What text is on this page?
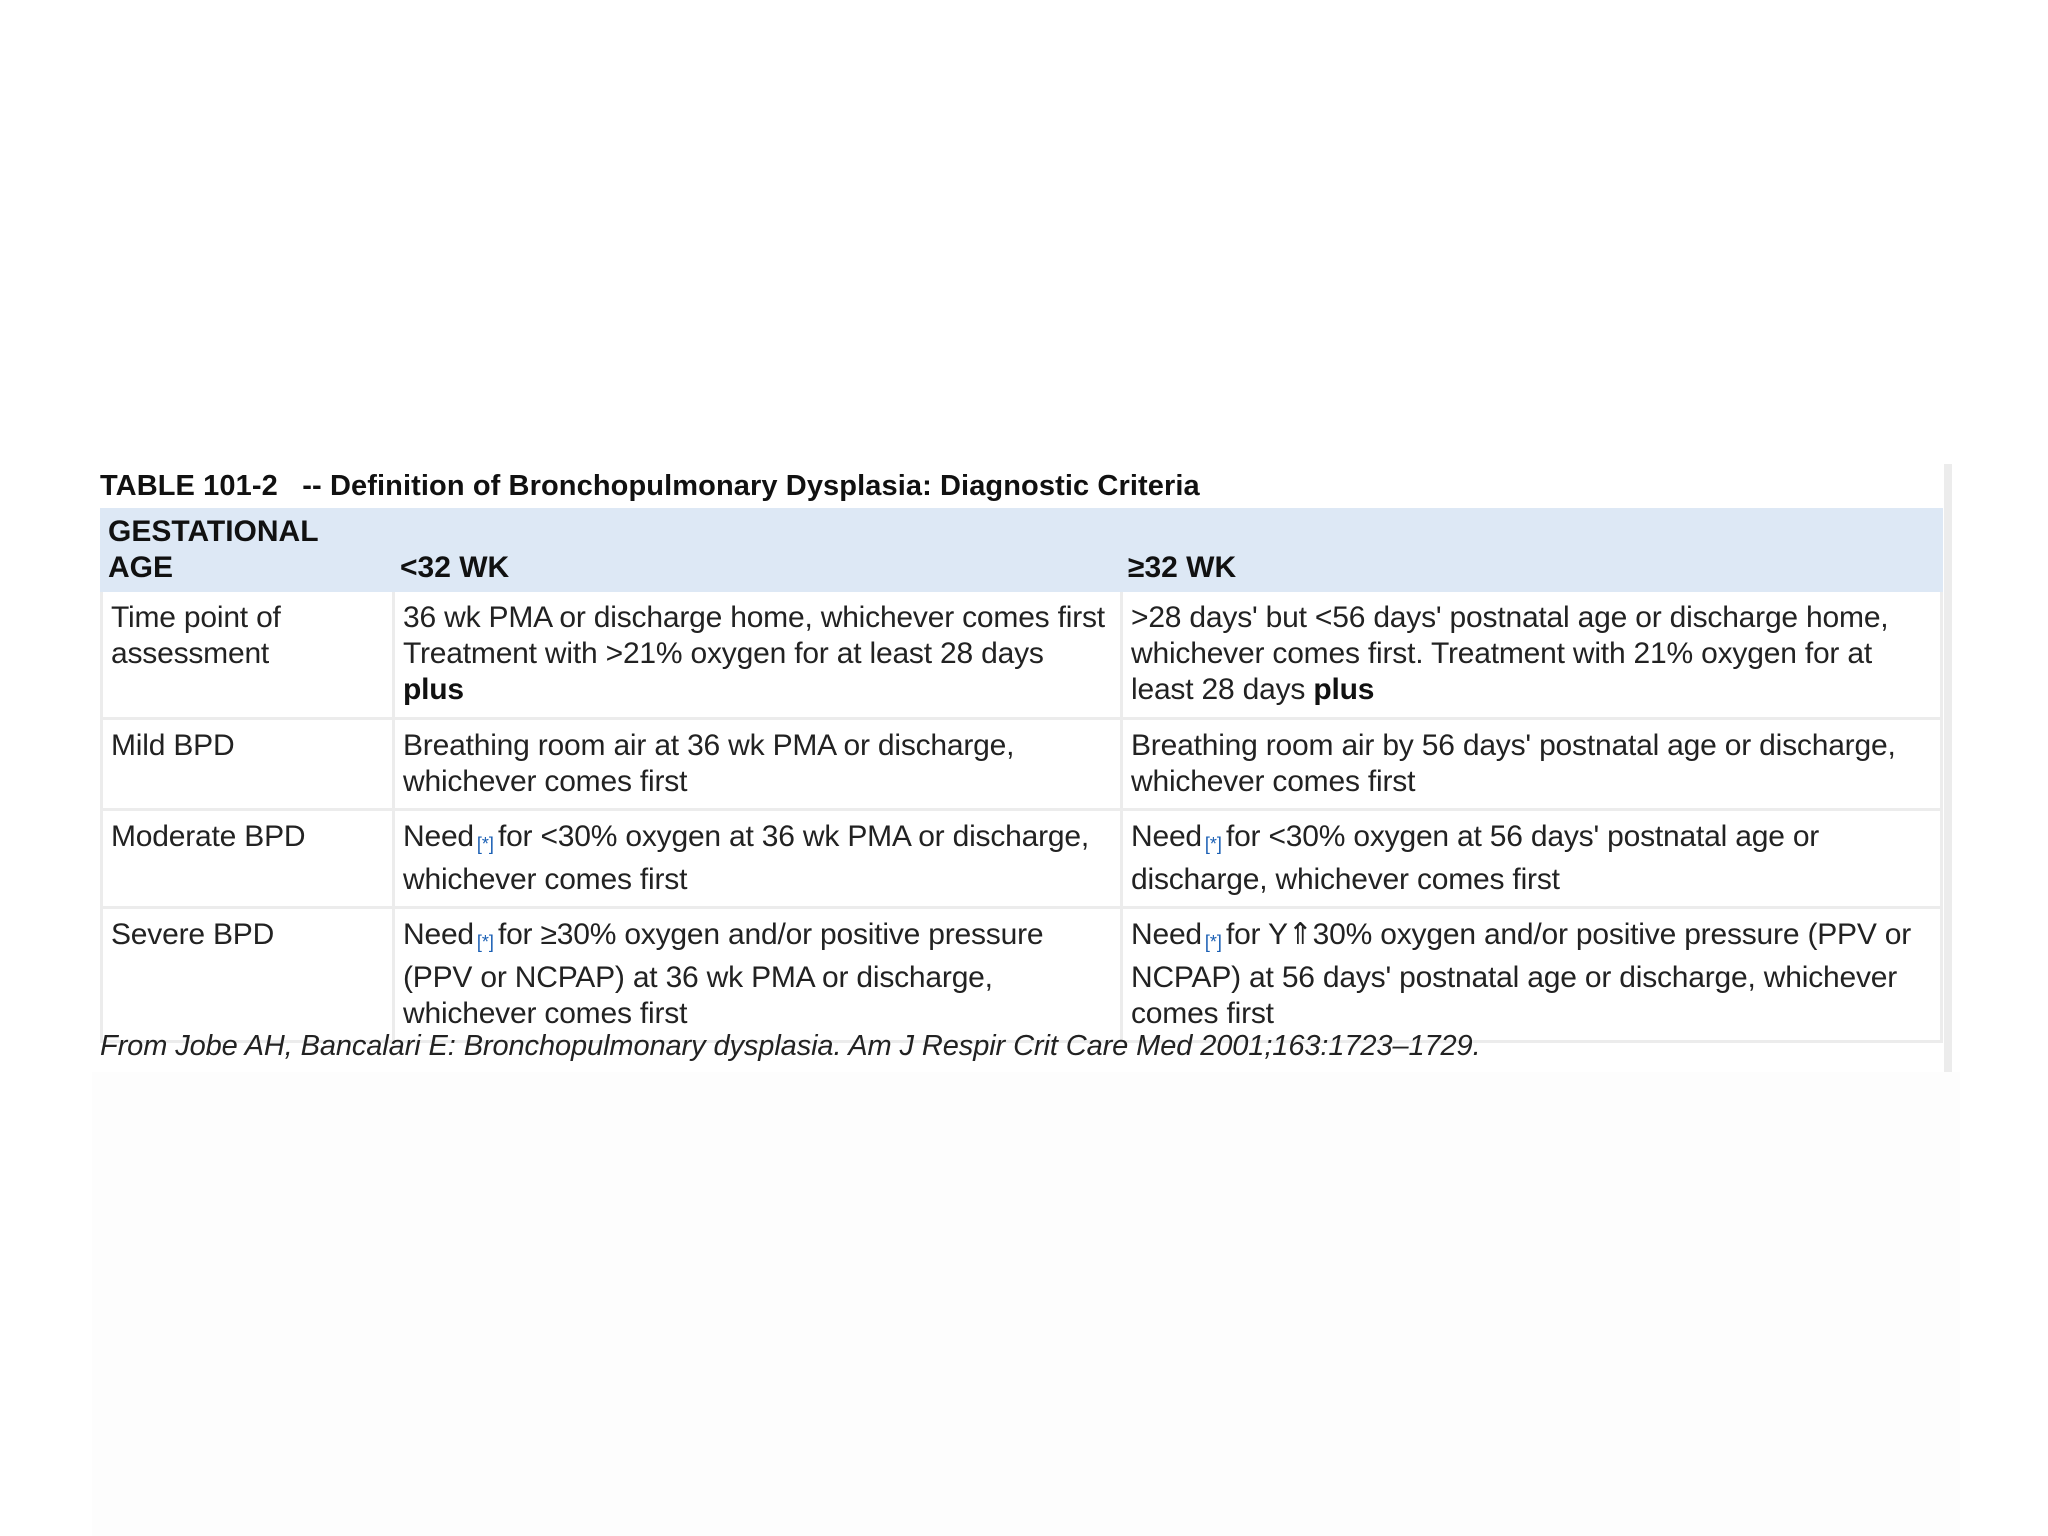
TABLE 101-2   -- Definition of Bronchopulmonary Dysplasia: Diagnostic Criteria
GESTATIONAL
AGE	<32 WK	≥32 WK
Time point of assessment	36 wk PMA or discharge home, whichever comes first Treatment with >21% oxygen for at least 28 days plus	>28 days' but <56 days' postnatal age or discharge home, whichever comes first. Treatment with 21% oxygen for at least 28 days plus
Mild BPD	Breathing room air at 36 wk PMA or discharge, whichever comes first	Breathing room air by 56 days' postnatal age or discharge, whichever comes first
Moderate BPD	Need [*] for <30% oxygen at 36 wk PMA or discharge, whichever comes first	Need [*] for <30% oxygen at 56 days' postnatal age or discharge, whichever comes first
Severe BPD	Need [*] for ≥30% oxygen and/or positive pressure (PPV or NCPAP) at 36 wk PMA or discharge, whichever comes first	Need [*] for Y⇑30% oxygen and/or positive pressure (PPV or NCPAP) at 56 days' postnatal age or discharge, whichever comes first
From Jobe AH, Bancalari E: Bronchopulmonary dysplasia. Am J Respir Crit Care Med 2001;163:1723–1729.
